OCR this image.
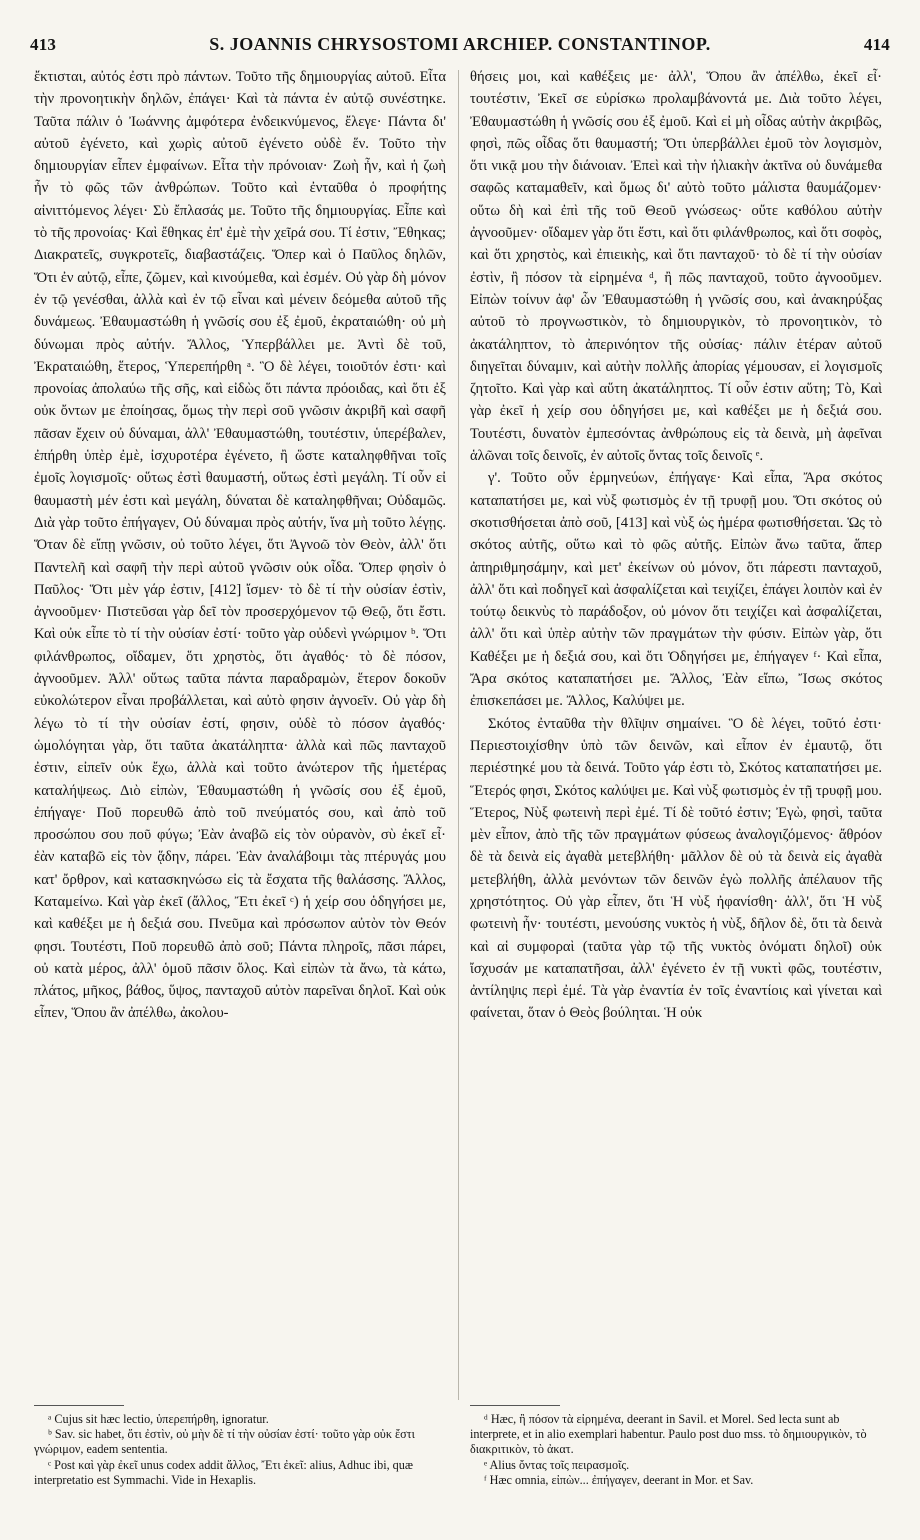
413	S. JOANNIS CHRYSOSTOMI ARCHIEP. CONSTANTINOP.	414

ἔκτισται, αὐτός ἐστι πρὸ πάντων. Τοῦτο τῆς δημιουργίας αὐτοῦ. Εἶτα τὴν προνοητικὴν δηλῶν, ἐπάγει· Καὶ τὰ πάντα ἐν αὐτῷ συνέστηκε. Ταῦτα πάλιν ὁ Ἰωάννης ἀμφότερα ἐνδεικνύμενος, ἔλεγε· Πάντα δι' αὐτοῦ ἐγένετο, καὶ χωρὶς αὐτοῦ ἐγένετο οὐδὲ ἕν. Τοῦτο τὴν δημιουργίαν εἶπεν ἐμφαίνων. Εἶτα τὴν πρόνοιαν· Ζωὴ ἦν, καὶ ἡ ζωὴ ἦν τὸ φῶς τῶν ἀνθρώπων. Τοῦτο καὶ ἐνταῦθα ὁ προφήτης αἰνιττόμενος λέγει· Σὺ ἔπλασάς με. Τοῦτο τῆς δημιουργίας. Εἶπε καὶ τὸ τῆς προνοίας· Καὶ ἔθηκας ἐπ' ἐμὲ τὴν χεῖρά σου. Τί ἐστιν, Ἔθηκας; Διακρατεῖς, συγκροτεῖς, διαβαστάζεις. Ὅπερ καὶ ὁ Παῦλος δηλῶν, Ὅτι ἐν αὐτῷ, εἶπε, ζῶμεν, καὶ κινούμεθα, καὶ ἐσμέν. Οὐ γὰρ δὴ μόνον ἐν τῷ γενέσθαι, ἀλλὰ καὶ ἐν τῷ εἶναι καὶ μένειν δεόμεθα αὐτοῦ τῆς δυνάμεως. Ἐθαυμαστώθη ἡ γνῶσίς σου ἐξ ἐμοῦ, ἐκραταιώθη· οὐ μὴ δύνωμαι πρὸς αὐτήν. Ἄλλος, Ὑπερβάλλει με. Ἀντὶ δὲ τοῦ, Ἐκραταιώθη, ἕτερος, Ὑπερεπήρθη ᵃ. Ὃ δὲ λέγει, τοιοῦτόν ἐστι· καὶ προνοίας ἀπολαύω τῆς σῆς, καὶ εἰδὼς ὅτι πάντα πρόοιδας, καὶ ὅτι ἐξ οὐκ ὄντων με ἐποίησας, ὅμως τὴν περὶ σοῦ γνῶσιν ἀκριβῆ καὶ σαφῆ πᾶσαν ἔχειν οὐ δύναμαι, ἀλλ' Ἐθαυμαστώθη, τουτέστιν, ὑπερέβαλεν, ἐπήρθη ὑπὲρ ἐμὲ, ἰσχυροτέρα ἐγένετο, ἢ ὥστε καταληφθῆναι τοῖς ἐμοῖς λογισμοῖς· οὕτως ἐστὶ θαυμαστή, οὕτως ἐστὶ μεγάλη. Τί οὖν εἰ θαυμαστὴ μέν ἐστι καὶ μεγάλη, δύναται δὲ καταληφθῆναι; Οὐδαμῶς. Διὰ γὰρ τοῦτο ἐπήγαγεν, Οὐ δύναμαι πρὸς αὐτήν, ἵνα μὴ τοῦτο λέγῃς. Ὅταν δὲ εἴπῃ γνῶσιν, οὐ τοῦτο λέγει, ὅτι Ἀγνοῶ τὸν Θεὸν, ἀλλ' ὅτι Παντελῆ καὶ σαφῆ τὴν περὶ αὐτοῦ γνῶσιν οὐκ οἶδα. Ὅπερ φησὶν ὁ Παῦλος· Ὅτι μὲν γάρ ἐστιν, [412] ἴσμεν· τὸ δὲ τί τὴν οὐσίαν ἐστὶν, ἀγνοοῦμεν· Πιστεῦσαι γὰρ δεῖ τὸν προσερχόμενον τῷ Θεῷ, ὅτι ἔστι. Καὶ οὐκ εἶπε τὸ τί τὴν οὐσίαν ἐστί· τοῦτο γὰρ οὐδενὶ γνώριμον ᵇ. Ὅτι φιλάνθρωπος, οἴδαμεν, ὅτι χρηστὸς, ὅτι ἀγαθός· τὸ δὲ πόσον, ἀγνοοῦμεν. Ἀλλ' οὕτως ταῦτα πάντα παραδραμὼν, ἕτερον δοκοῦν εὐκολώτερον εἶναι προβάλλεται, καὶ αὐτὸ φησιν ἀγνοεῖν. Οὐ γὰρ δὴ λέγω τὸ τί τὴν οὐσίαν ἐστί, φησιν, οὐδὲ τὸ πόσον ἀγαθός· ὡμολόγηται γὰρ, ὅτι ταῦτα ἀκατάληπτα· ἀλλὰ καὶ πῶς πανταχοῦ ἐστιν, εἰπεῖν οὐκ ἔχω, ἀλλὰ καὶ τοῦτο ἀνώτερον τῆς ἡμετέρας καταλήψεως. Διὸ εἰπὼν, Ἐθαυμαστώθη ἡ γνῶσίς σου ἐξ ἐμοῦ, ἐπήγαγε· Ποῦ πορευθῶ ἀπὸ τοῦ πνεύματός σου, καὶ ἀπὸ τοῦ προσώπου σου ποῦ φύγω; Ἐὰν ἀναβῶ εἰς τὸν οὐρανὸν, σὺ ἐκεῖ εἶ· ἐὰν καταβῶ εἰς τὸν ᾅδην, πάρει. Ἐὰν ἀναλάβοιμι τὰς πτέρυγάς μου κατ' ὄρθρον, καὶ κατασκηνώσω εἰς τὰ ἔσχατα τῆς θαλάσσης. Ἄλλος, Καταμείνω. Καὶ γὰρ ἐκεῖ (ἄλλος, Ἔτι ἐκεῖ ᶜ) ἡ χείρ σου ὁδηγήσει με, καὶ καθέξει με ἡ δεξιά σου. Πνεῦμα καὶ πρόσωπον αὐτὸν τὸν Θεόν φησι. Τουτέστι, Ποῦ πορευθῶ ἀπὸ σοῦ; Πάντα πληροῖς, πᾶσι πάρει, οὐ κατὰ μέρος, ἀλλ' ὁμοῦ πᾶσιν ὅλος. Καὶ εἰπὼν τὰ ἄνω, τὰ κάτω, πλάτος, μῆκος, βάθος, ὕψος, πανταχοῦ αὐτὸν παρεῖναι δηλοῖ. Καὶ οὐκ εἶπεν, Ὅπου ἂν ἀπέλθω, ἀκολου-

θήσεις μοι, καὶ καθέξεις με· ἀλλ', Ὅπου ἂν ἀπέλθω, ἐκεῖ εἶ· τουτέστιν, Ἐκεῖ σε εὑρίσκω προλαμβάνοντά με. Διὰ τοῦτο λέγει, Ἐθαυμαστώθη ἡ γνῶσίς σου ἐξ ἐμοῦ. Καὶ εἰ μὴ οἶδας αὐτὴν ἀκριβῶς, φησὶ, πῶς οἶδας ὅτι θαυμαστή; Ὅτι ὑπερβάλλει ἐμοῦ τὸν λογισμὸν, ὅτι νικᾷ μου τὴν διάνοιαν. Ἐπεὶ καὶ τὴν ἡλιακὴν ἀκτῖνα οὐ δυνάμεθα σαφῶς καταμαθεῖν, καὶ ὅμως δι' αὐτὸ τοῦτο μάλιστα θαυμάζομεν· οὕτω δὴ καὶ ἐπὶ τῆς τοῦ Θεοῦ γνώσεως· οὔτε καθόλου αὐτὴν ἀγνοοῦμεν· οἴδαμεν γὰρ ὅτι ἔστι, καὶ ὅτι φιλάνθρωπος, καὶ ὅτι σοφὸς, καὶ ὅτι χρηστὸς, καὶ ἐπιεικὴς, καὶ ὅτι πανταχοῦ· τὸ δὲ τί τὴν οὐσίαν ἐστὶν, ἢ πόσον τὰ εἰρημένα ᵈ, ἢ πῶς πανταχοῦ, τοῦτο ἀγνοοῦμεν. Εἰπὼν τοίνυν ἀφ' ὧν Ἐθαυμαστώθη ἡ γνῶσίς σου, καὶ ἀνακηρύξας αὐτοῦ τὸ προγνωστικὸν, τὸ δημιουργικὸν, τὸ προνοητικὸν, τὸ ἀκατάληπτον, τὸ ἀπερινόητον τῆς οὐσίας· πάλιν ἑτέραν αὐτοῦ διηγεῖται δύναμιν, καὶ αὐτὴν πολλῆς ἀπορίας γέμουσαν, εἰ λογισμοῖς ζητοῖτο. Καὶ γὰρ καὶ αὕτη ἀκατάληπτος. Τί οὖν ἐστιν αὕτη; Τὸ, Καὶ γὰρ ἐκεῖ ἡ χείρ σου ὁδηγήσει με, καὶ καθέξει με ἡ δεξιά σου. Τουτέστι, δυνατὸν ἐμπεσόντας ἀνθρώπους εἰς τὰ δεινὰ, μὴ ἀφεῖναι ἁλῶναι τοῖς δεινοῖς, ἐν αὐτοῖς ὄντας τοῖς δεινοῖς ᵉ.

γ'. Τοῦτο οὖν ἑρμηνεύων, ἐπήγαγε· Καὶ εἶπα, Ἄρα σκότος καταπατήσει με, καὶ νὺξ φωτισμὸς ἐν τῇ τρυφῇ μου. Ὅτι σκότος οὐ σκοτισθήσεται ἀπὸ σοῦ, [413] καὶ νὺξ ὡς ἡμέρα φωτισθήσεται. Ὡς τὸ σκότος αὐτῆς, οὕτω καὶ τὸ φῶς αὐτῆς. Εἰπὼν ἄνω ταῦτα, ἅπερ ἀπηριθμησάμην, καὶ μετ' ἐκείνων οὐ μόνον, ὅτι πάρεστι πανταχοῦ, ἀλλ' ὅτι καὶ ποδηγεῖ καὶ ἀσφαλίζεται καὶ τειχίζει, ἐπάγει λοιπὸν καὶ ἐν τούτῳ δεικνὺς τὸ παράδοξον, οὐ μόνον ὅτι τειχίζει καὶ ἀσφαλίζεται, ἀλλ' ὅτι καὶ ὑπὲρ αὐτὴν τῶν πραγμάτων τὴν φύσιν. Εἰπὼν γὰρ, ὅτι Καθέξει με ἡ δεξιά σου, καὶ ὅτι Ὁδηγήσει με, ἐπήγαγεν ᶠ· Καὶ εἶπα, Ἄρα σκότος καταπατήσει με. Ἄλλος, Ἐὰν εἴπω, Ἴσως σκότος ἐπισκεπάσει με. Ἄλλος, Καλύψει με.

Σκότος ἐνταῦθα τὴν θλῖψιν σημαίνει. Ὃ δὲ λέγει, τοῦτό ἐστι· Περιεστοιχίσθην ὑπὸ τῶν δεινῶν, καὶ εἶπον ἐν ἐμαυτῷ, ὅτι περιέστηκέ μου τὰ δεινά. Τοῦτο γάρ ἐστι τὸ, Σκότος καταπατήσει με. Ἕτερός φησι, Σκότος καλύψει με. Καὶ νὺξ φωτισμὸς ἐν τῇ τρυφῇ μου. Ἕτερος, Νὺξ φωτεινὴ περὶ ἐμέ. Τί δὲ τοῦτό ἐστιν; Ἐγὼ, φησὶ, ταῦτα μὲν εἶπον, ἀπὸ τῆς τῶν πραγμάτων φύσεως ἀναλογιζόμενος· ἄθρόον δὲ τὰ δεινὰ εἰς ἀγαθὰ μετεβλήθη· μᾶλλον δὲ οὐ τὰ δεινὰ εἰς ἀγαθὰ μετεβλήθη, ἀλλὰ μενόντων τῶν δεινῶν ἐγὼ πολλῆς ἀπέλαυον τῆς χρηστότητος. Οὐ γὰρ εἶπεν, ὅτι Ἡ νὺξ ἠφανίσθη· ἀλλ', ὅτι Ἡ νὺξ φωτεινὴ ἦν· τουτέστι, μενούσης νυκτὸς ἡ νὺξ, δῆλον δὲ, ὅτι τὰ δεινὰ καὶ αἱ συμφοραὶ (ταῦτα γὰρ τῷ τῆς νυκτὸς ὀνόματι δηλοῖ) οὐκ ἴσχυσάν με καταπατῆσαι, ἀλλ' ἐγένετο ἐν τῇ νυκτὶ φῶς, τουτέστιν, ἀντίληψις περὶ ἐμέ. Τὰ γὰρ ἐναντία ἐν τοῖς ἐναντίοις καὶ γίνεται καὶ φαίνεται, ὅταν ὁ Θεὸς βούληται. Ἡ οὐκ

ᵃ Cujus sit hæc lectio, ὑπερεπήρθη, ignoratur.

ᵇ Sav. sic habet, ὅτι ἐστὶν, οὐ μὴν δὲ τί τὴν οὐσίαν ἐστί· τοῦτο γὰρ οὐκ ἔστι γνώριμον, eadem sententia.

ᶜ Post καὶ γὰρ ἐκεῖ unus codex addit ἄλλος, Ἔτι ἐκεῖ: alius, Adhuc ibi, quæ interpretatio est Symmachi. Vide in Hexaplis.

ᵈ Hæc, ἢ πόσον τὰ εἰρημένα, deerant in Savil. et Morel. Sed lecta sunt ab interprete, et in alio exemplari habentur. Paulo post duo mss. τὸ δημιουργικὸν, τὸ διακριτικὸν, τὸ ἀκατ.

ᵉ Alius ὄντας τοῖς πειρασμοῖς.

ᶠ Hæc omnia, εἰπὼν... ἐπήγαγεν, deerant in Mor. et Sav.
